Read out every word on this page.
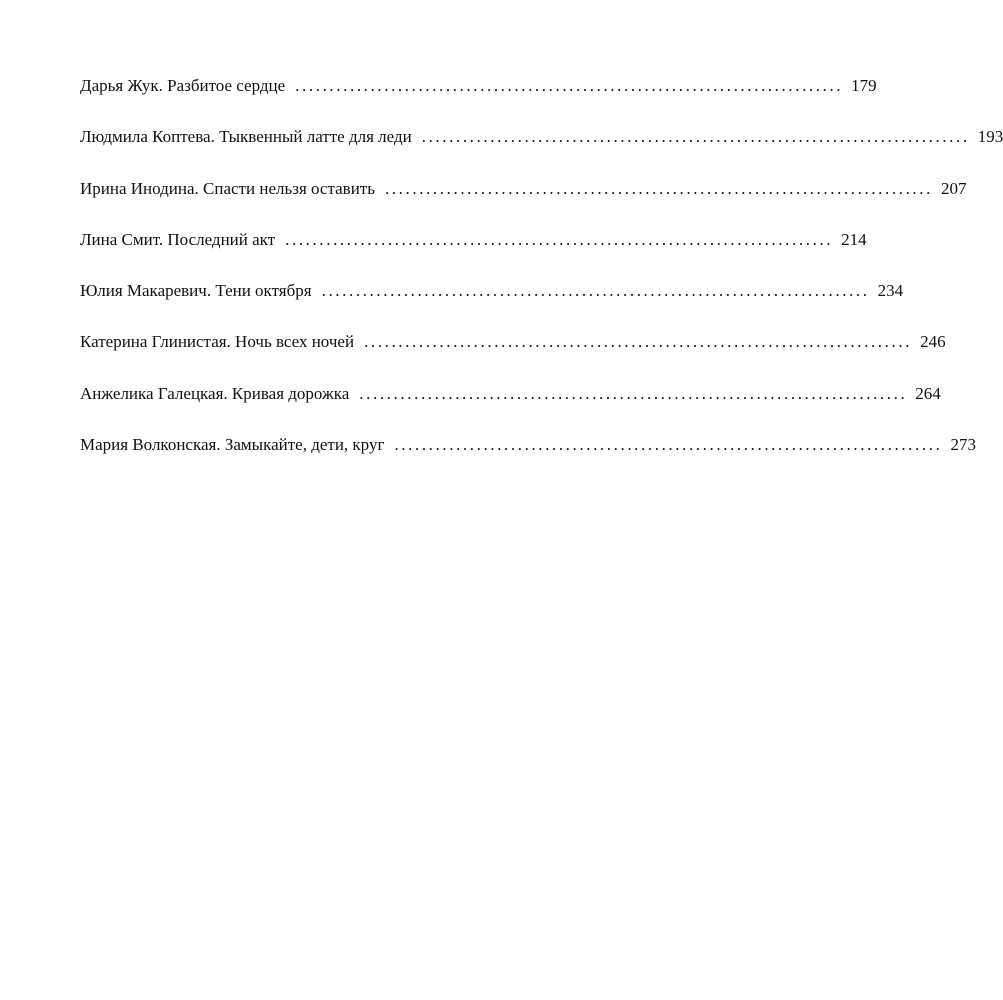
Дарья Жук. Разбитое сердце ................................................................................ 179
Людмила Коптева. Тыквенный латте для леди ................................................................................ 193
Ирина Инодина. Спасти нельзя оставить ................................................................................ 207
Лина Смит. Последний акт ................................................................................ 214
Юлия Макаревич. Тени октября ................................................................................ 234
Катерина Глинистая. Ночь всех ночей ................................................................................ 246
Анжелика Галецкая. Кривая дорожка ................................................................................ 264
Мария Волконская. Замыкайте, дети, круг ................................................................................ 273
